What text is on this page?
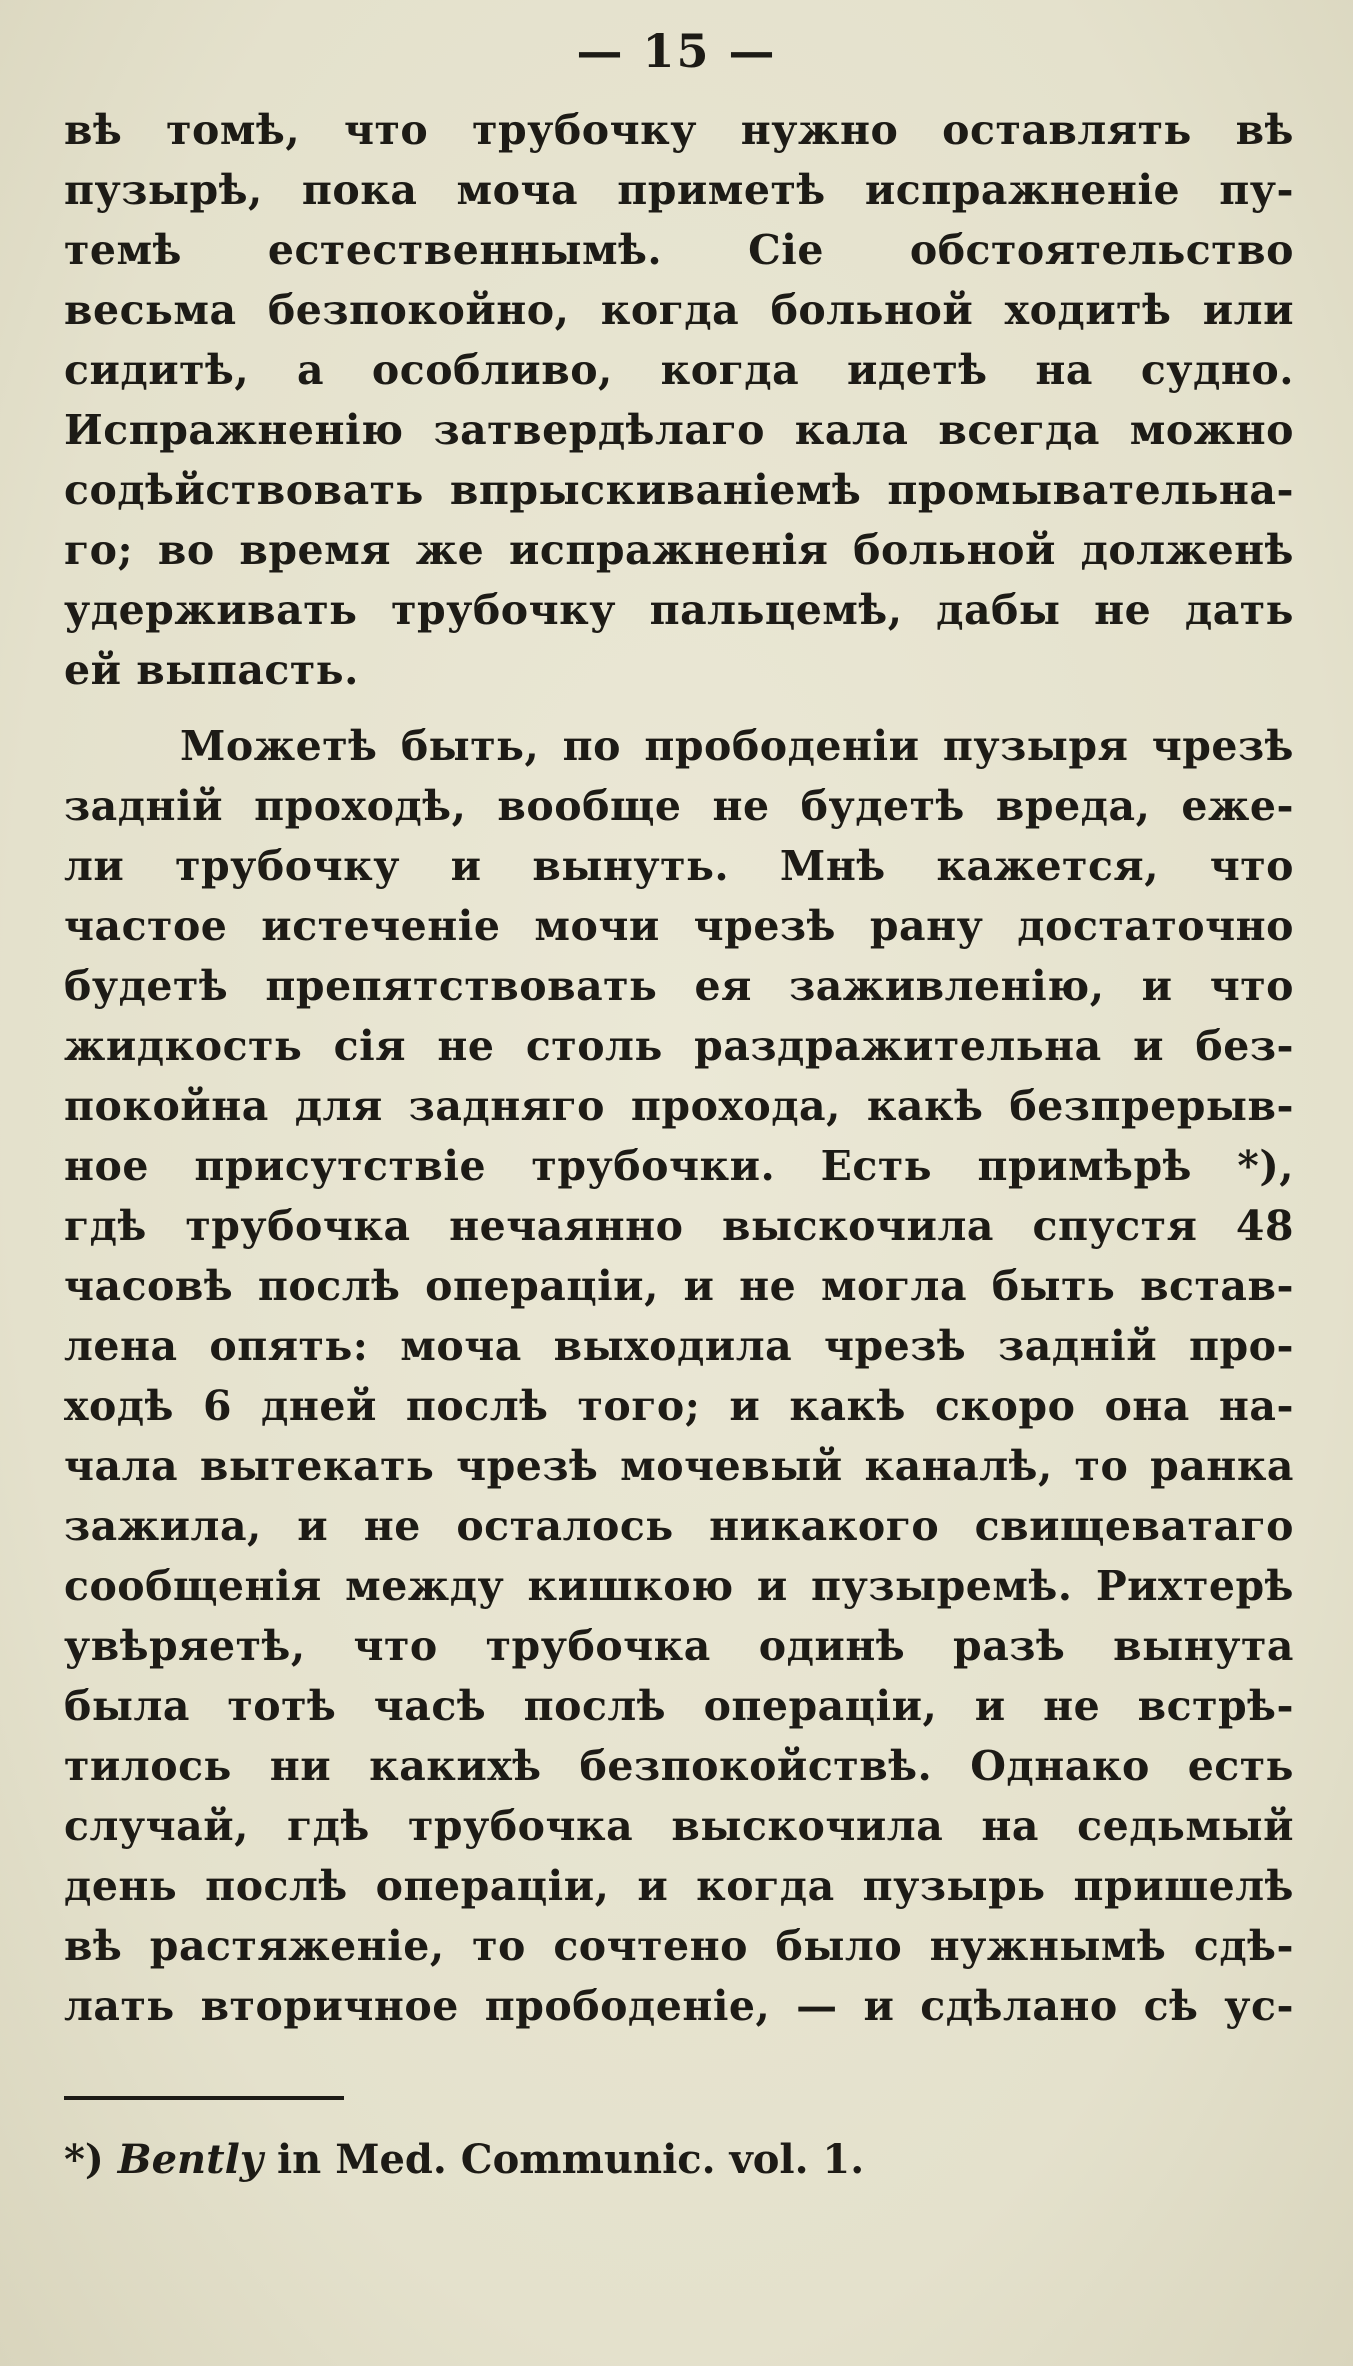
— 15 —
вѣ томѣ, что трубочку нужно оставлять вѣ
пузырѣ, пока моча приметѣ испражненіе пу-
темѣ естественнымѣ. Сіе обстоятельство
весьма безпокойно, когда больной ходитѣ или
сидитѣ, а особливо, когда идетѣ на судно.
Испражненію затвердѣлаго кала всегда можно
содѣйствовать впрыскиваніемѣ промывательна-
го; во время же испражненія больной долженѣ
удерживать трубочку пальцемѣ, дабы не дать
ей выпасть.
Можетѣ быть, по прободеніи пузыря чрезѣ
задній проходѣ, вообще не будетѣ вреда, еже-
ли трубочку и вынуть. Мнѣ кажется, что
частое истеченіе мочи чрезѣ рану достаточно
будетѣ препятствовать ея заживленію, и что
жидкость сія не столь раздражительна и без-
покойна для задняго прохода, какѣ безпрерыв-
ное присутствіе трубочки. Есть примѣрѣ *),
гдѣ трубочка нечаянно выскочила спустя 48
часовѣ послѣ операціи, и не могла быть встав-
лена опять: моча выходила чрезѣ задній про-
ходѣ 6 дней послѣ того; и какѣ скоро она на-
чала вытекать чрезѣ мочевый каналѣ, то ранка
зажила, и не осталось никакого свищеватаго
сообщенія между кишкою и пузыремѣ. Рихтерѣ
увѣряетѣ, что трубочка одинѣ разѣ вынута
была тотѣ часѣ послѣ операціи, и не встрѣ-
тилось ни какихѣ безпокойствѣ. Однако есть
случай, гдѣ трубочка выскочила на седьмый
день послѣ операціи, и когда пузырь пришелѣ
вѣ растяженіе, то сочтено было нужнымѣ сдѣ-
лать вторичное прободеніе, — и сдѣлано сѣ ус-
*) Bently in Med. Communic. vol. 1.
